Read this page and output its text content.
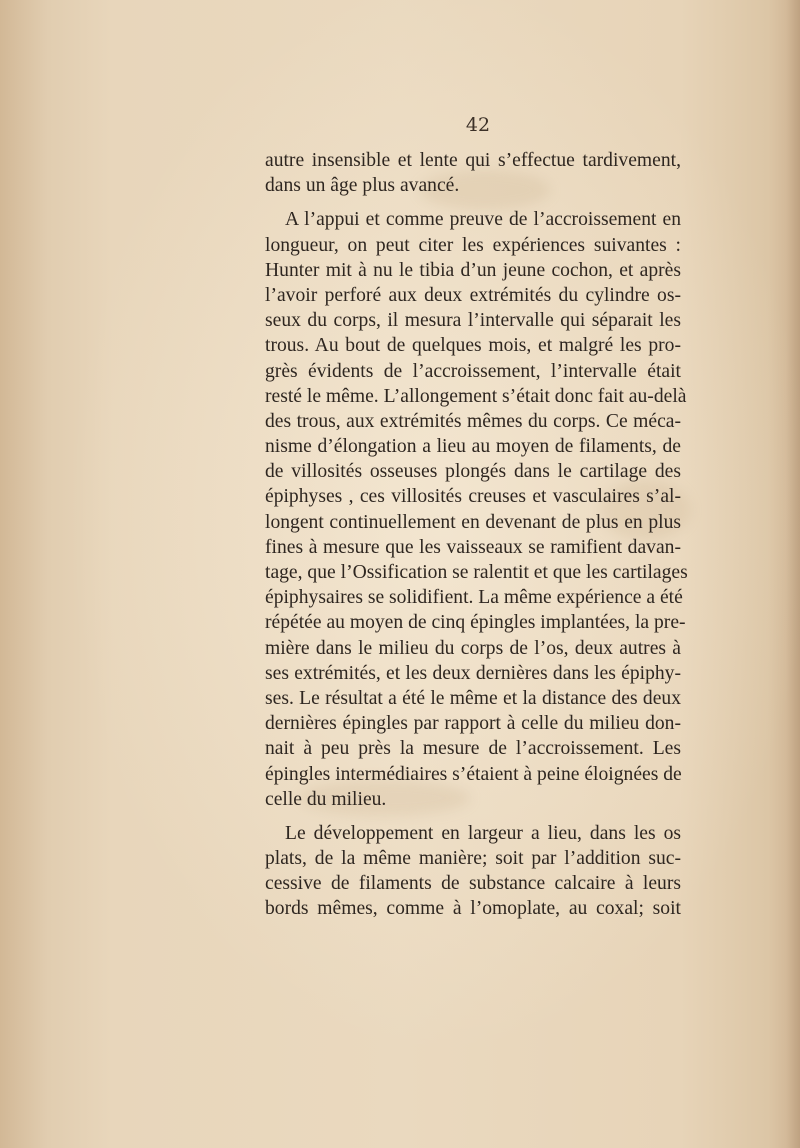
42
autre insensible et lente qui s’effectue tardivement,
dans un âge plus avancé.
A l’appui et comme preuve de l’accroissement en
longueur, on peut citer les expériences suivantes :
Hunter mit à nu le tibia d’un jeune cochon, et après
l’avoir perforé aux deux extrémités du cylindre os-
seux du corps, il mesura l’intervalle qui séparait les
trous. Au bout de quelques mois, et malgré les pro-
grès évidents de l’accroissement, l’intervalle était
resté le même. L’allongement s’était donc fait au-delà
des trous, aux extrémités mêmes du corps. Ce méca-
nisme d’élongation a lieu au moyen de filaments, de
de villosités osseuses plongés dans le cartilage des
épiphyses , ces villosités creuses et vasculaires s’al-
longent continuellement en devenant de plus en plus
fines à mesure que les vaisseaux se ramifient davan-
tage, que l’Ossification se ralentit et que les cartilages
épiphysaires se solidifient. La même expérience a été
répétée au moyen de cinq épingles implantées, la pre-
mière dans le milieu du corps de l’os, deux autres à
ses extrémités, et les deux dernières dans les épiphy-
ses. Le résultat a été le même et la distance des deux
dernières épingles par rapport à celle du milieu don-
nait à peu près la mesure de l’accroissement. Les
épingles intermédiaires s’étaient à peine éloignées de
celle du milieu.
Le développement en largeur a lieu, dans les os
plats, de la même manière; soit par l’addition suc-
cessive de filaments de substance calcaire à leurs
bords mêmes, comme à l’omoplate, au coxal; soit
